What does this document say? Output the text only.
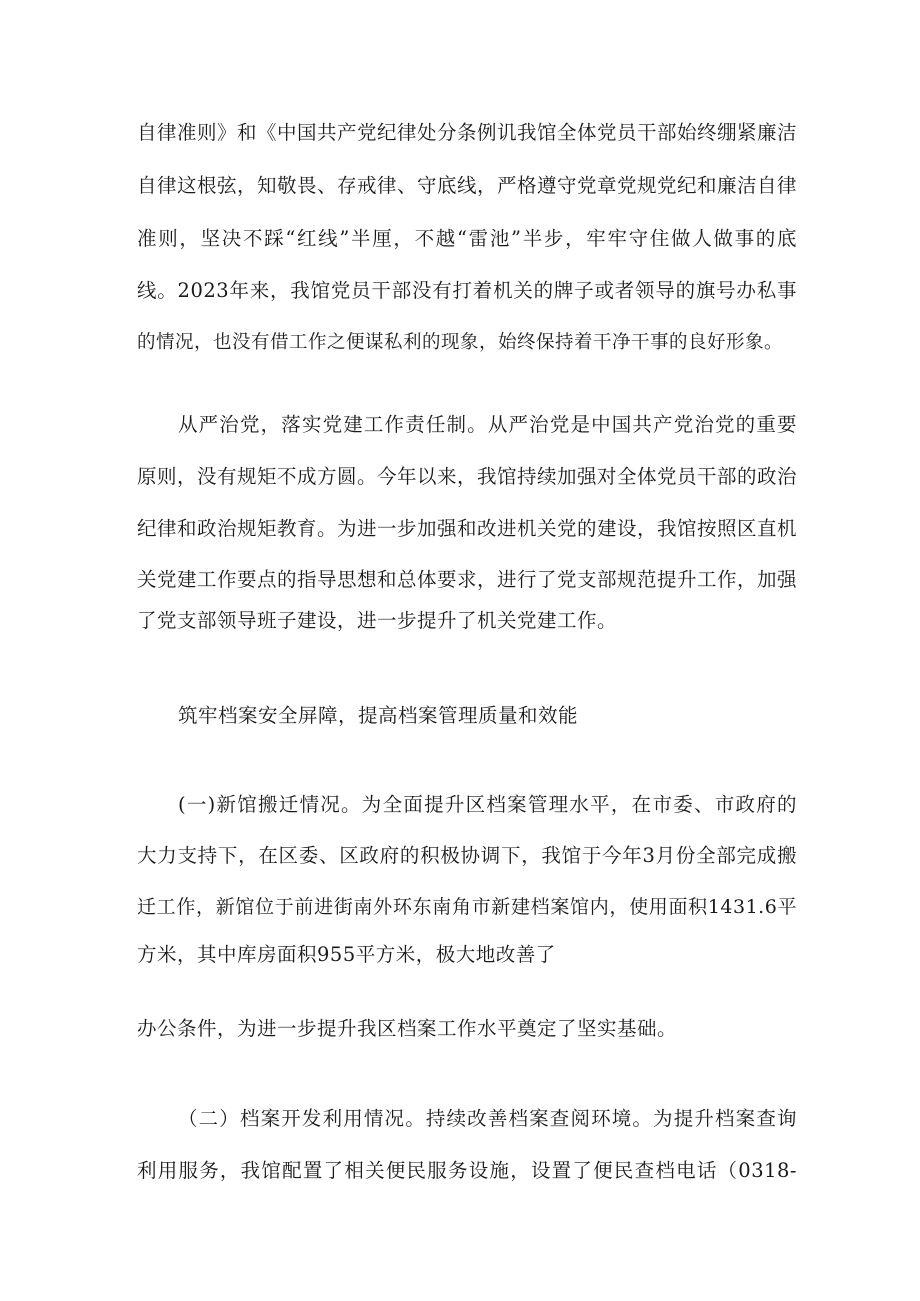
自律准则》和《中国共产党纪律处分条例讥我馆全体党员干部始终绷紧廉洁
自律这根弦，知敬畏、存戒律、守底线，严格遵守党章党规党纪和廉洁自律
准则，坚决不踩“红线”半厘，不越“雷池”半步，牢牢守住做人做事的底
线。2023年来，我馆党员干部没有打着机关的牌子或者领导的旗号办私事
的情况，也没有借工作之便谋私利的现象，始终保持着干净干事的良好形象。
从严治党，落实党建工作责任制。从严治党是中国共产党治党的重要
原则，没有规矩不成方圆。今年以来，我馆持续加强对全体党员干部的政治
纪律和政治规矩教育。为进一步加强和改进机关党的建设，我馆按照区直机
关党建工作要点的指导思想和总体要求，进行了党支部规范提升工作，加强
了党支部领导班子建设，进一步提升了机关党建工作。
筑牢档案安全屏障，提高档案管理质量和效能
(一)新馆搬迁情况。为全面提升区档案管理水平，在市委、市政府的
大力支持下，在区委、区政府的积极协调下，我馆于今年3月份全部完成搬
迁工作，新馆位于前进街南外环东南角市新建档案馆内，使用面积1431.6平
方米，其中库房面积955平方米，极大地改善了
办公条件，为进一步提升我区档案工作水平奠定了坚实基础。
（二）档案开发利用情况。持续改善档案查阅环境。为提升档案查询
利用服务，我馆配置了相关便民服务设施，设置了便民查档电话（0318-
